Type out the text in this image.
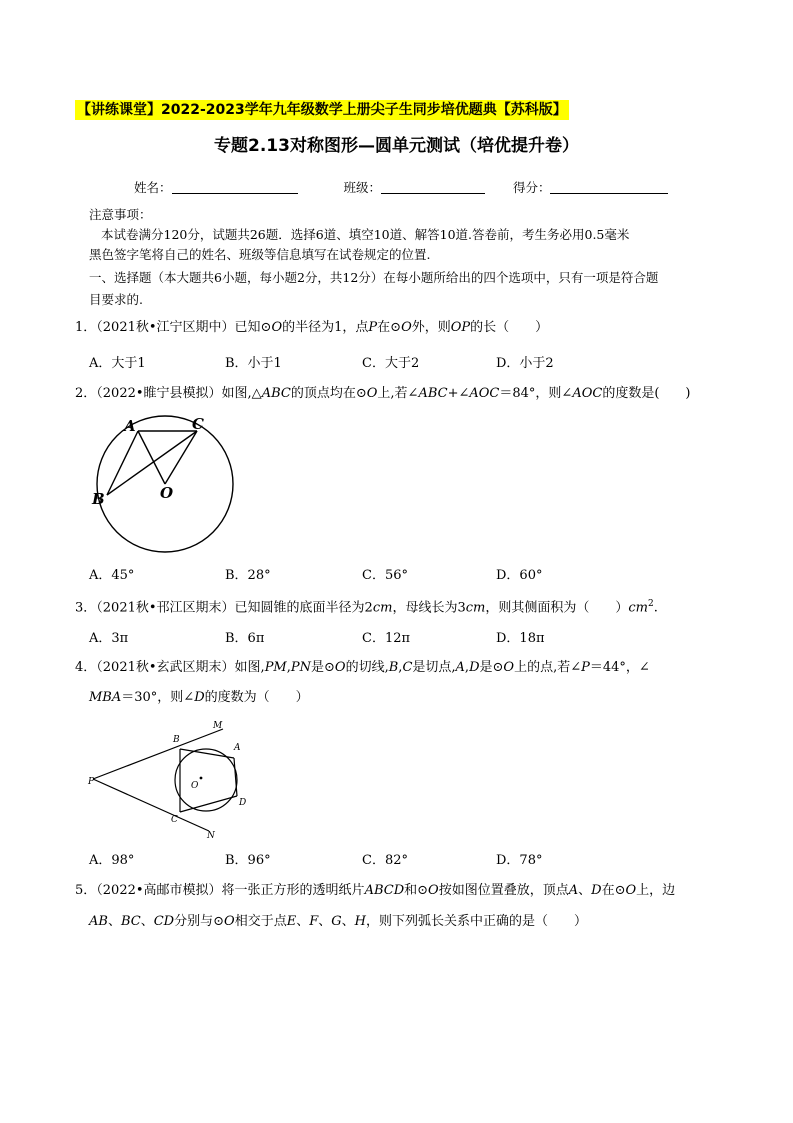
【讲练课堂】2022-2023学年九年级数学上册尖子生同步培优题典【苏科版】
专题2.13对称图形—圆单元测试（培优提升卷）
姓名：	班级：	得分：
注意事项：
本试卷满分120分，试题共26题．选择6道、填空10道、解答10道.答卷前，考生务必用0.5毫米
黑色签字笔将自己的姓名、班级等信息填写在试卷规定的位置.
一、选择题（本大题共6小题，每小题2分，共12分）在每小题所给出的四个选项中，只有一项是符合题
目要求的.
1．（2021秋•江宁区期中）已知⊙O的半径为1，点P在⊙O外，则OP的长（　　）
A．大于1	B．小于1	C．大于2	D．小于2
2．（2022•睢宁县模拟）如图,△ABC的顶点均在⊙O上,若∠ABC+∠AOC＝84°，则∠AOC的度数是(　　)
A	C
B	O
A．45°	B．28°	C．56°	D．60°
3．（2021秋•邗江区期末）已知圆锥的底面半径为2cm，母线长为3cm，则其侧面积为（　　）$cm^2$.
A．3π	B．6π	C．12π	D．18π
4．（2021秋•玄武区期末）如图,PM,PN是⊙O的切线,B,C是切点,A,D是⊙O上的点,若∠P＝44°，∠
MBA＝30°，则∠D的度数为（　　）
M
B
A
P	O
D
C
N
A．98°	B．96°	C．82°	D．78°
5．（2022•高邮市模拟）将一张正方形的透明纸片ABCD和⊙O按如图位置叠放，顶点A、D在⊙O上，边
AB、BC、CD分别与⊙O相交于点E、F、G、H，则下列弧长关系中正确的是（　　）
